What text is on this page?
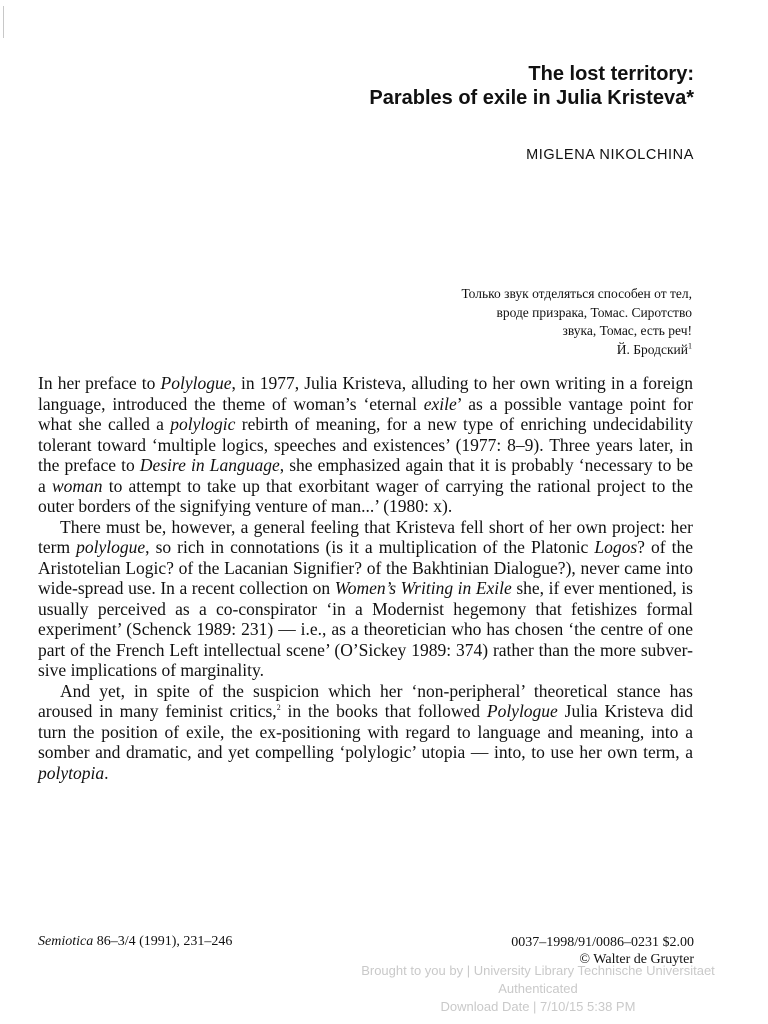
The lost territory:
Parables of exile in Julia Kristeva*
MIGLENA NIKOLCHINA
Только звук отделяться способен от тел,
вроде призрака, Томас. Сиротство
звука, Томас, есть реч!
Й. Бродский$^1$

In her preface to Polylogue, in 1977, Julia Kristeva, alluding to her own writing in a foreign language, introduced the theme of woman’s ‘eternal exile’ as a possible vantage point for what she called a polylogic rebirth of meaning, for a new type of enriching undecidability tolerant toward ‘multiple logics, speeches and existences’ (1977: 8–9). Three years later, in the preface to Desire in Language, she emphasized again that it is probably ‘necessary to be a woman to attempt to take up that exorbitant wager of carrying the rational project to the outer borders of the signifying venture of man...’ (1980: x).

There must be, however, a general feeling that Kristeva fell short of her own project: her term polylogue, so rich in connotations (is it a multiplication of the Platonic Logos? of the Aristotelian Logic? of the Lacanian Signifier? of the Bakhtinian Dialogue?), never came into wide-spread use. In a recent collection on Women’s Writing in Exile she, if ever mentioned, is usually perceived as a co-conspirator ‘in a Modernist hegemony that fetishizes formal experiment’ (Schenck 1989: 231) — i.e., as a theoretician who has chosen ‘the centre of one part of the French Left intellectual scene’ (O’Sickey 1989: 374) rather than the more subver-sive implications of marginality.

And yet, in spite of the suspicion which her ‘non-peripheral’ theoretical stance has aroused in many feminist critics,$^2$ in the books that followed Polylogue Julia Kristeva did turn the position of exile, the ex-positioning with regard to language and meaning, into a somber and dramatic, and yet compelling ‘polylogic’ utopia — into, to use her own term, a polytopia.

Semiotica 86–3/4 (1991), 231–246	0037–1998/91/0086–0231 $2.00
© Walter de Gruyter
Brought to you by | University Library Technische Universitaet
Authenticated
Download Date | 7/10/15 5:38 PM
